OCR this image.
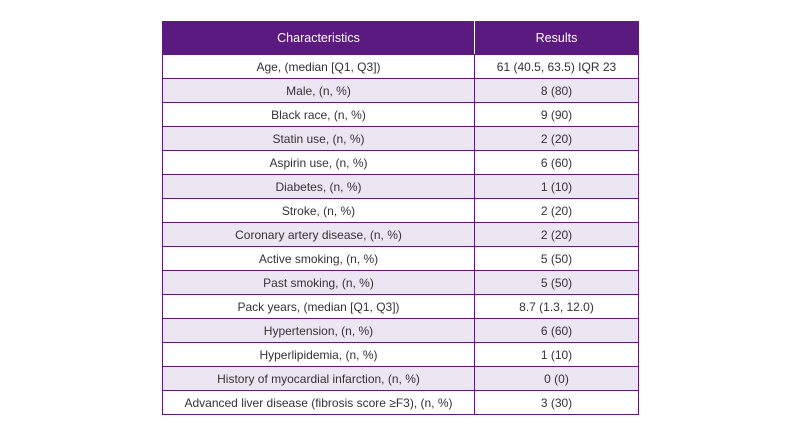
Characteristics	Results
Age, (median [Q1, Q3])	61 (40.5, 63.5) IQR 23
Male, (n, %)	8 (80)
Black race, (n, %)	9 (90)
Statin use, (n, %)	2 (20)
Aspirin use, (n, %)	6 (60)
Diabetes, (n, %)	1 (10)
Stroke, (n, %)	2 (20)
Coronary artery disease, (n, %)	2 (20)
Active smoking, (n, %)	5 (50)
Past smoking, (n, %)	5 (50)
Pack years, (median [Q1, Q3])	8.7 (1.3, 12.0)
Hypertension, (n, %)	6 (60)
Hyperlipidemia, (n, %)	1 (10)
History of myocardial infarction, (n, %)	0 (0)
Advanced liver disease (fibrosis score ≥F3), (n, %)	3 (30)
